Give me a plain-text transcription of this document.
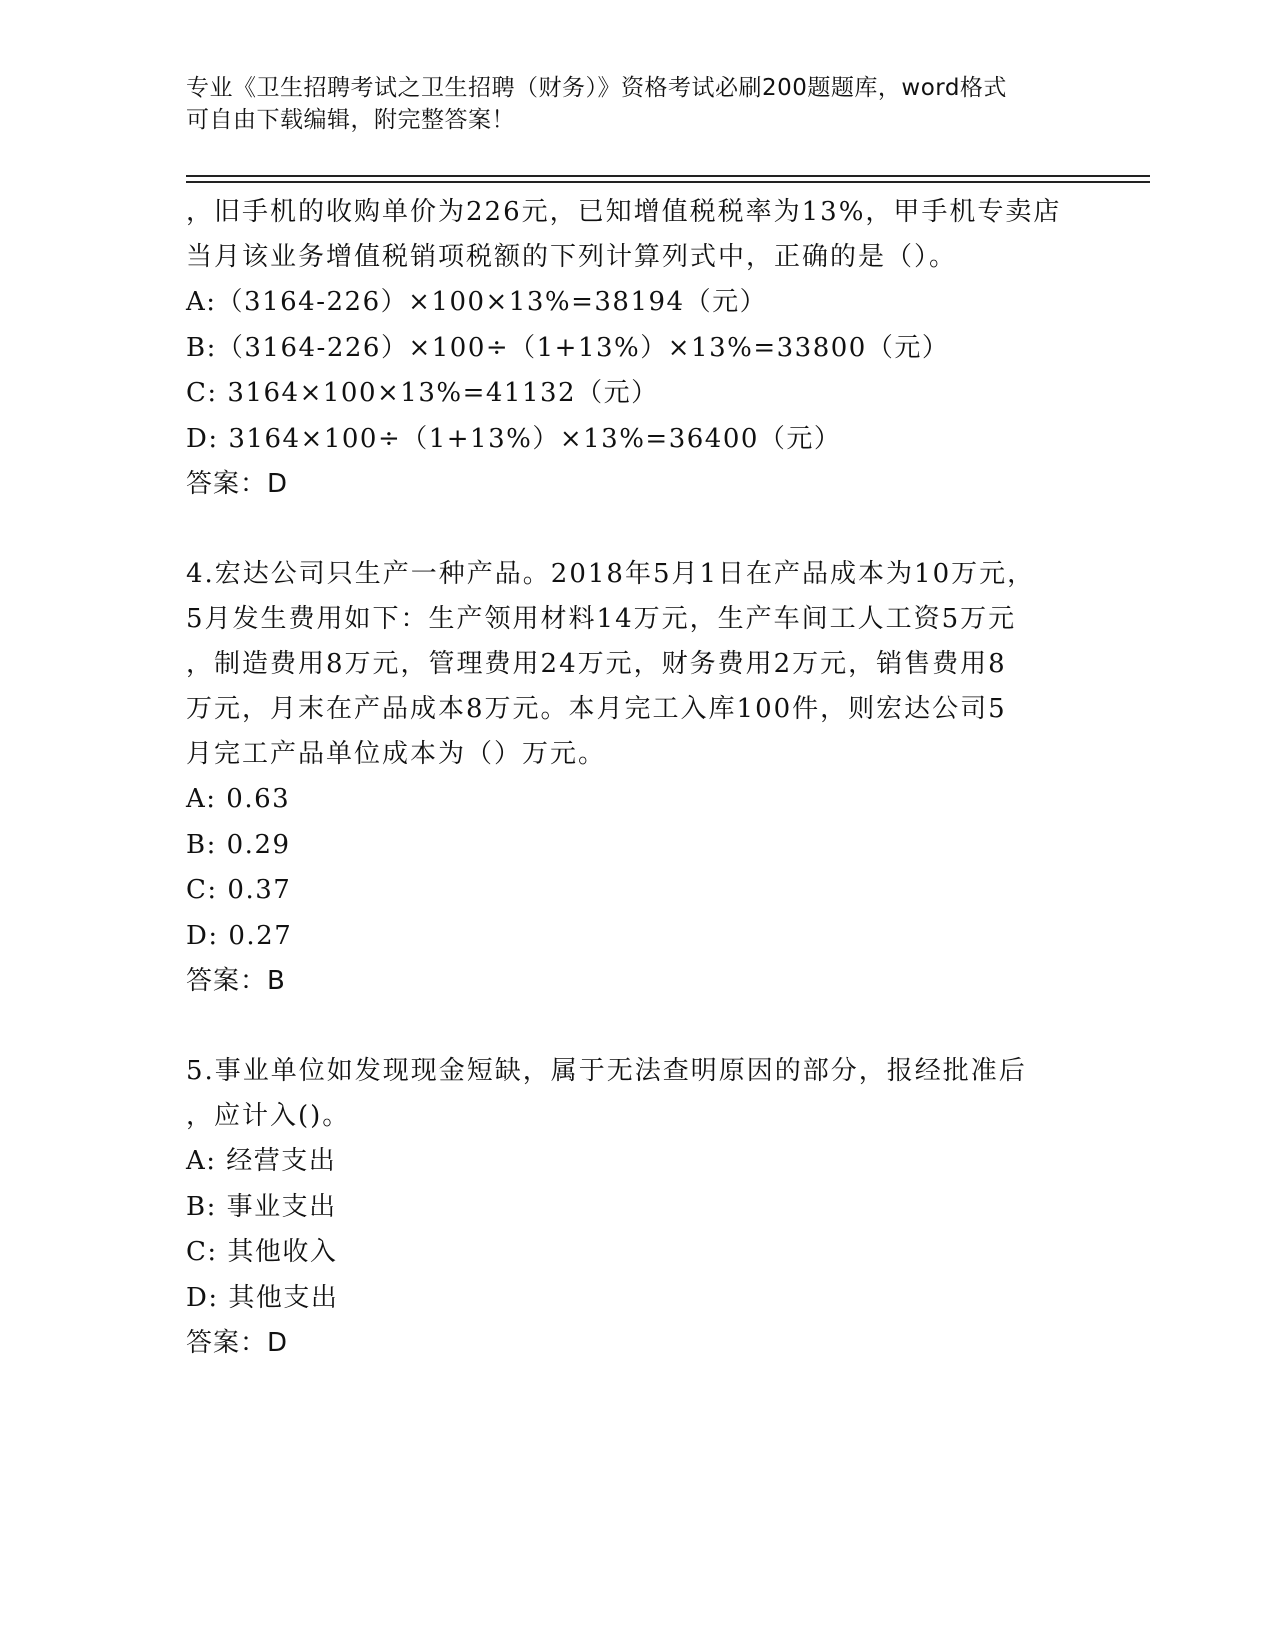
专业《卫生招聘考试之卫生招聘（财务）》资格考试必刷200题题库，word格式
可自由下载编辑，附完整答案！
，旧手机的收购单价为226元，已知增值税税率为13%，甲手机专卖店
当月该业务增值税销项税额的下列计算列式中，正确的是（）。
A:（3164-226）×100×13%=38194（元）
B:（3164-226）×100÷（1+13%）×13%=33800（元）
C: 3164×100×13%=41132（元）
D: 3164×100÷（1+13%）×13%=36400（元）
答案：D
4.宏达公司只生产一种产品。2018年5月1日在产品成本为10万元，
5月发生费用如下：生产领用材料14万元，生产车间工人工资5万元
，制造费用8万元，管理费用24万元，财务费用2万元，销售费用8
万元，月末在产品成本8万元。本月完工入库100件，则宏达公司5
月完工产品单位成本为（）万元。
A: 0.63
B: 0.29
C: 0.37
D: 0.27
答案：B
5.事业单位如发现现金短缺，属于无法查明原因的部分，报经批准后
，应计入()。
A: 经营支出
B: 事业支出
C: 其他收入
D: 其他支出
答案：D
